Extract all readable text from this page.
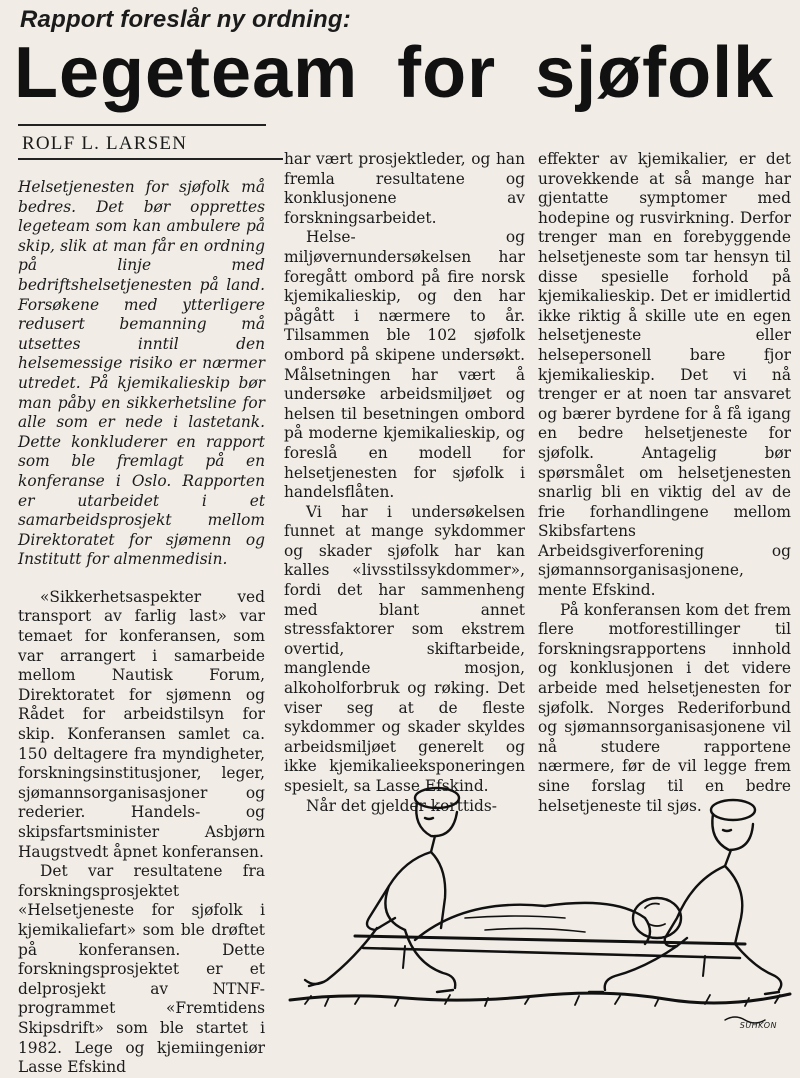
Rapport foreslår ny ordning:
Legeteam for sjøfolk
ROLF L. LARSEN

Helsetjenesten for sjøfolk må bedres. Det bør opprettes legeteam som kan ambulere på skip, slik at man får en ordning på linje med bedriftshelsetjenesten på land. Forsøkene med ytterligere redusert bemanning må utsettes inntil den helsemessige risiko er nærmer utredet. På kjemikalieskip bør man påby en sikkerhetsline for alle som er nede i lastetank. Dette konkluderer en rapport som ble fremlagt på en konferanse i Oslo. Rapporten er utarbeidet i et samarbeidsprosjekt mellom Direktoratet for sjømenn og Institutt for almenmedisin.

«Sikkerhetsaspekter ved transport av farlig last» var temaet for konferansen, som var arrangert i samarbeide mellom Nautisk Forum, Direktoratet for sjømenn og Rådet for arbeidstilsyn for skip. Konferansen samlet ca. 150 deltagere fra myndigheter, forskningsinstitusjoner, leger, sjømannsorganisasjoner og rederier. Handels- og skipsfartsminister Asbjørn Haugstvedt åpnet konferansen.

Det var resultatene fra forskningsprosjektet «Helsetjeneste for sjøfolk i kjemikaliefart» som ble drøftet på konferansen. Dette forskningsprosjektet er et delprosjekt av NTNF-programmet «Fremtidens Skipsdrift» som ble startet i 1982. Lege og kjemiingeniør Lasse Efskind

har vært prosjektleder, og han fremla resultatene og konklusjonene av forskningsarbeidet.

Helse- og miljøvernundersøkelsen har foregått ombord på fire norsk kjemikalieskip, og den har pågått i nærmere to år. Tilsammen ble 102 sjøfolk ombord på skipene undersøkt. Målsetningen har vært å undersøke arbeidsmiljøet og helsen til besetningen ombord på moderne kjemikalieskip, og foreslå en modell for helsetjenesten for sjøfolk i handelsflåten.

Vi har i undersøkelsen funnet at mange sykdommer og skader sjøfolk har kan kalles «livsstilssykdommer», fordi det har sammenheng med blant annet stressfaktorer som ekstrem overtid, skiftarbeide, manglende mosjon, alkoholforbruk og røking. Det viser seg at de fleste sykdommer og skader skyldes arbeidsmiljøet generelt og ikke kjemikalieeksponeringen spesielt, sa Lasse Efskind.

Når det gjelder korttids-

effekter av kjemikalier, er det urovekkende at så mange har gjentatte symptomer med hodepine og rusvirkning. Derfor trenger man en forebyggende helsetjeneste som tar hensyn til disse spesielle forhold på kjemikalieskip. Det er imidlertid ikke riktig å skille ute en egen helsetjeneste eller helsepersonell bare fjor kjemikalieskip. Det vi nå trenger er at noen tar ansvaret og bærer byrdene for å få igang en bedre helsetjeneste for sjøfolk. Antagelig bør spørsmålet om helsetjenesten snarlig bli en viktig del av de frie forhandlingene mellom Skibsfartens Arbeidsgiverforening og sjømannsorganisasjonene, mente Efskind.

På konferansen kom det frem flere motforestillinger til forskningsrapportens innhold og konklusjonen i det videre arbeide med helsetjenesten for sjøfolk. Norges Rederiforbund og sjømannsorganisasjonene vil nå studere rapportene nærmere, før de vil legge frem sine forslag til en bedre helsetjeneste til sjøs.

SUHKON
